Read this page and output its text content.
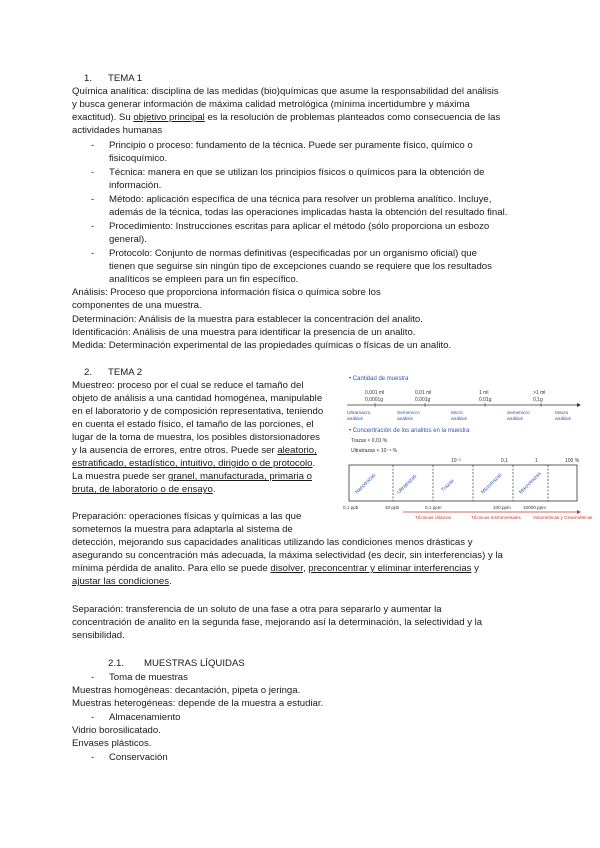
1. TEMA 1
Química analítica: disciplina de las medidas (bio)químicas que asume la responsabilidad del análisis
y busca generar información de máxima calidad metrológica (mínima incertidumbre y máxima
exactitud). Su objetivo principal es la resolución de problemas planteados como consecuencia de las
actividades humanas
- Principio o proceso: fundamento de la técnica. Puede ser puramente físico, químico o
fisicoquímico.
- Técnica: manera en que se utilizan los principios físicos o químicos para la obtención de
información.
- Método: aplicación específica de una técnica para resolver un problema analítico. Incluye,
además de la técnica, todas las operaciones implicadas hasta la obtención del resultado final.
- Procedimiento: Instrucciones escritas para aplicar el método (sólo proporciona un esbozo
general).
- Protocolo: Conjunto de normas definitivas (especificadas por un organismo oficial) que
tienen que seguirse sin ningún tipo de excepciones cuando se requiere que los resultados
analíticos se empleen para un fin específico.
Análisis: Proceso que proporciona información física o química sobre los
componentes de una muestra.
Determinación: Análisis de la muestra para establecer la concentración del analito.
Identificación: Análisis de una muestra para identificar la presencia de un analito.
Medida: Determinación experimental de las propiedades químicas o físicas de un analito.
2. TEMA 2
Muestreo: proceso por el cual se reduce el tamaño del
objeto de análisis a una cantidad homogénea, manipulable
en el laboratorio y de composición representativa, teniendo
en cuenta el estado físico, el tamaño de las porciones, el
lugar de la toma de muestra, los posibles distorsionadores
y la ausencia de errores, entre otros. Puede ser aleatorio,
estratificado, estadístico, intuitivo, dirigido o de protocolo.
La muestra puede ser granel, manufacturada, primaria o
bruta, de laboratorio o de ensayo.
Preparación: operaciones físicas y químicas a las que
sometemos la muestra para adaptarla al sistema de
detección, mejorando sus capacidades analíticas utilizando las condiciones menos drásticas y
asegurando su concentración más adecuada, la máxima selectividad (es decir, sin interferencias) y la
mínima pérdida de analito. Para ello se puede disolver, preconcentrar y eliminar interferencias y
ajustar las condiciones.
Separación: transferencia de un soluto de una fase a otra para separarlo y aumentar la
concentración de analito en la segunda fase, mejorando así la determinación, la selectividad y la
sensibilidad.
2.1. MUESTRAS LÍQUIDAS
- Toma de muestras
Muestras homogéneas: decantación, pipeta o jeringa.
Muestras heterogéneas: depende de la muestra a estudiar.
- Almacenamiento
Vidrio borosilicatado.
Envases plásticos.
- Conservación
• Cantidad de muestra
0,001 ml
0,0001g
0,01 ml
0,001g
1 ml
0,01g
>1 ml
0,1g
Ultramacro
análisis
Semimicro
análisis
Micro
análisis
Semimicro
análisis
Macro
análisis
• Concentración de los analitos en la muestra
Trazas < 0,01 %
Ultratrazas < 10⁻⁴ %
10⁻²	0,1	1	100 %
Nanotrazas	Ultratrazas	Trazas	Microtrazas	Macrotrazas
0,1 ppb	10 ppb	0,1 ppm	100 ppm	10000 ppm
Técnicas clásicas	Técnicas Instrumentales	Volumétricas y Gravimétricas
